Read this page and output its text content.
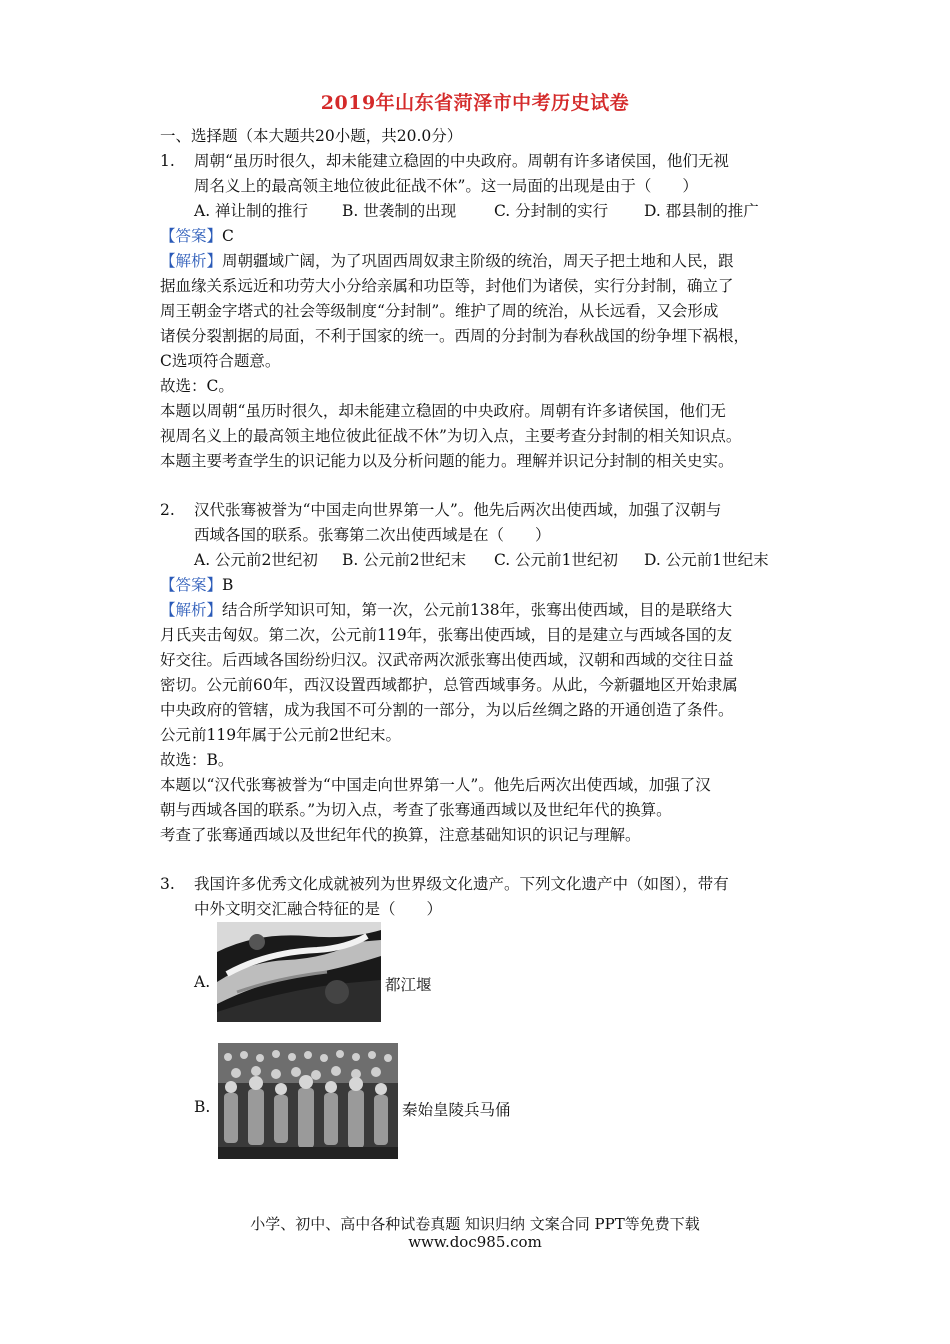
2019年山东省菏泽市中考历史试卷
一、选择题（本大题共20小题，共20.0分）
1. 周朝“虽历时很久，却未能建立稳固的中央政府。周朝有许多诸侯国，他们无视
周名义上的最高领主地位彼此征战不休”。这一局面的出现是由于（　　）
A. 禅让制的推行 B. 世袭制的出现 C. 分封制的实行 D. 郡县制的推广
【答案】C
【解析】周朝疆域广阔，为了巩固西周奴隶主阶级的统治，周天子把土地和人民，跟
据血缘关系远近和功劳大小分给亲属和功臣等，封他们为诸侯，实行分封制，确立了
周王朝金字塔式的社会等级制度“分封制”。维护了周的统治，从长远看，又会形成
诸侯分裂割据的局面，不利于国家的统一。西周的分封制为春秋战国的纷争埋下祸根，
C选项符合题意。
故选：C。
本题以周朝“虽历时很久，却未能建立稳固的中央政府。周朝有许多诸侯国，他们无
视周名义上的最高领主地位彼此征战不休”为切入点，主要考查分封制的相关知识点。
本题主要考查学生的识记能力以及分析问题的能力。理解并识记分封制的相关史实。
2. 汉代张骞被誉为“中国走向世界第一人”。他先后两次出使西域，加强了汉朝与
西域各国的联系。张骞第二次出使西域是在（　　）
A. 公元前2世纪初 B. 公元前2世纪末 C. 公元前1世纪初 D. 公元前1世纪末
【答案】B
【解析】结合所学知识可知，第一次，公元前138年，张骞出使西域，目的是联络大
月氏夹击匈奴。第二次，公元前119年，张骞出使西域，目的是建立与西域各国的友
好交往。后西域各国纷纷归汉。汉武帝两次派张骞出使西域，汉朝和西域的交往日益
密切。公元前60年，西汉设置西域都护，总管西域事务。从此，今新疆地区开始隶属
中央政府的管辖，成为我国不可分割的一部分，为以后丝绸之路的开通创造了条件。
公元前119年属于公元前2世纪末。
故选：B。
本题以“汉代张骞被誉为“中国走向世界第一人”。他先后两次出使西域，加强了汉
朝与西域各国的联系。”为切入点，考查了张骞通西域以及世纪年代的换算。
考查了张骞通西域以及世纪年代的换算，注意基础知识的识记与理解。
3. 我国许多优秀文化成就被列为世界级文化遗产。下列文化遗产中（如图），带有
中外文明交汇融合特征的是（　　）
A.	都江堰
B.	秦始皇陵兵马俑
小学、初中、高中各种试卷真题 知识归纳 文案合同 PPT等免费下载
www.doc985.com
